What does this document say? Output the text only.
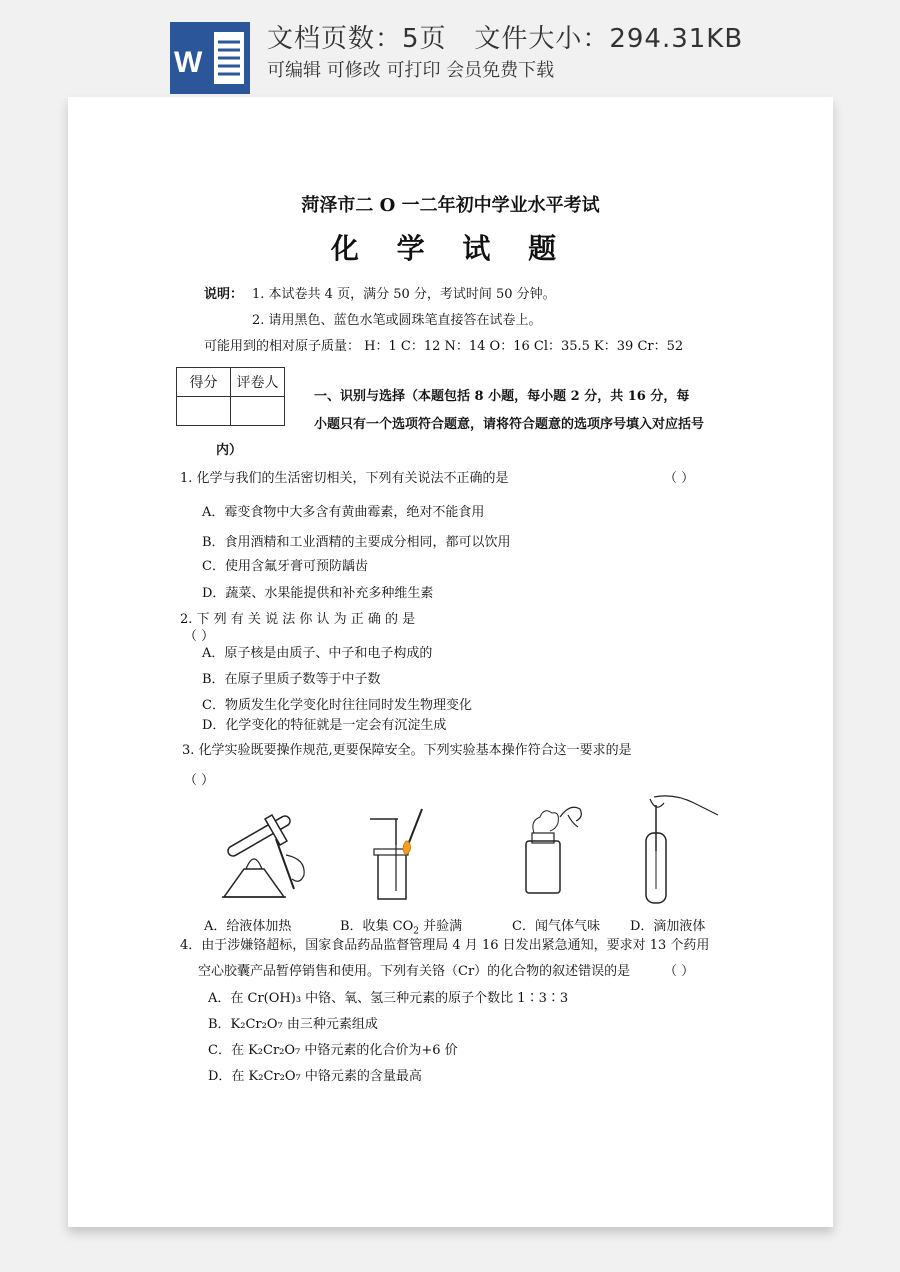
W
文档页数：5页   文件大小：294.31KB
可编辑 可修改 可打印 会员免费下载
菏泽市二 O 一二年初中学业水平考试
化 学 试 题
说明： 1. 本试卷共 4 页，满分 50 分，考试时间 50 分钟。
2. 请用黑色、蓝色水笔或圆珠笔直接答在试卷上。
可能用到的相对原子质量： H：1 C：12 N：14 O：16 Cl：35.5 K：39 Cr：52
得分	评卷人

一、识别与选择（本题包括 8 小题，每小题 2 分，共 16 分，每
小题只有一个选项符合题意，请将符合题意的选项序号填入对应括号
内）
1. 化学与我们的生活密切相关，下列有关说法不正确的是	（ ）
A．霉变食物中大多含有黄曲霉素，绝对不能食用
B．食用酒精和工业酒精的主要成分相同，都可以饮用
C．使用含氟牙膏可预防龋齿
D．蔬菜、水果能提供和补充多种维生素
2. 下 列 有 关 说 法 你 认 为 正 确 的 是
（ ）
A．原子核是由质子、中子和电子构成的
B．在原子里质子数等于中子数
C．物质发生化学变化时往往同时发生物理变化
D．化学变化的特征就是一定会有沉淀生成
3. 化学实验既要操作规范,更要保障安全。下列实验基本操作符合这一要求的是
（ ）
A．给液体加热	B．收集 $CO_2$ 并验满	C．闻气体气味 D．滴加液体
4．由于涉嫌铬超标，国家食品药品监督管理局 4 月 16 日发出紧急通知，要求对 13 个药用
空心胶囊产品暂停销售和使用。下列有关铬（Cr）的化合物的叙述错误的是	（ ）
A．在 Cr(OH)₃ 中铬、氧、氢三种元素的原子个数比 1∶3∶3
B．K₂Cr₂O₇ 由三种元素组成
C．在 K₂Cr₂O₇ 中铬元素的化合价为+6 价
D．在 K₂Cr₂O₇ 中铬元素的含量最高
